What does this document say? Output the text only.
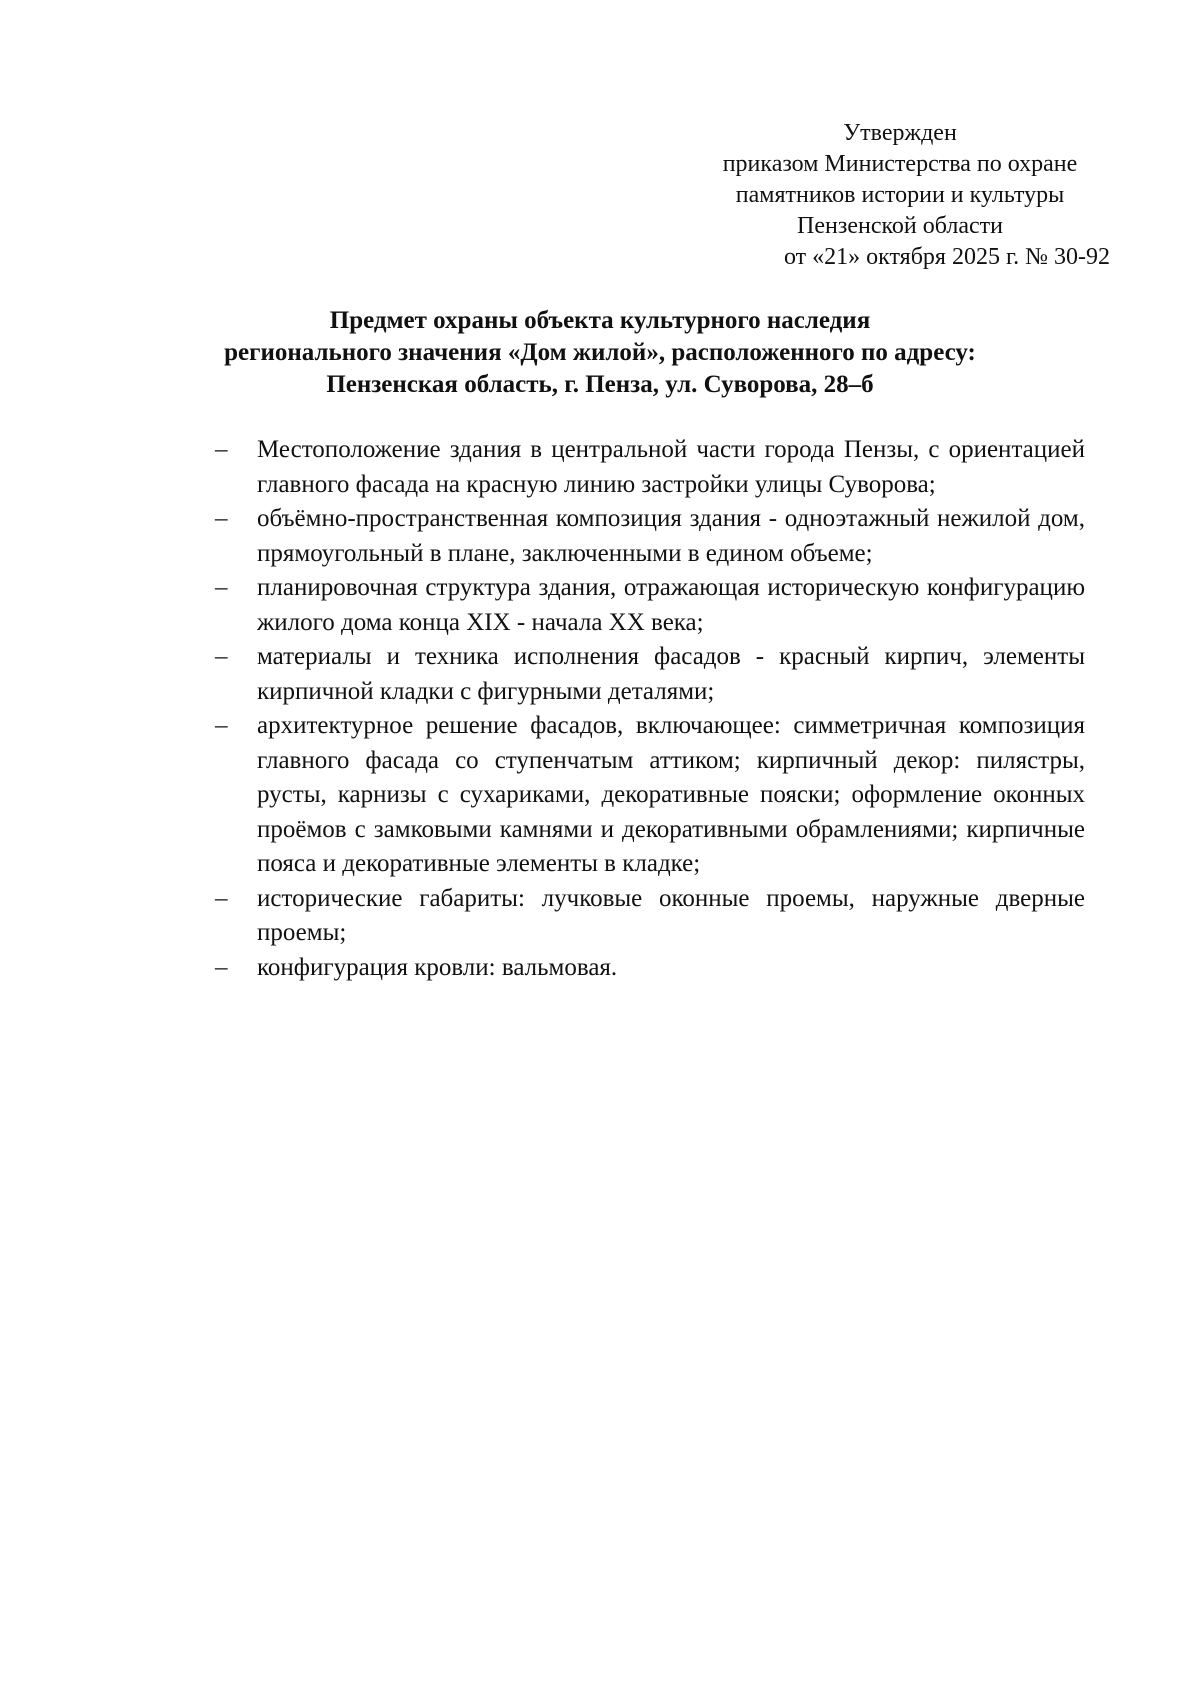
Утвержден
приказом Министерства по охране
памятников истории и культуры
Пензенской области
от «21» октября 2025 г. № 30-92
Предмет охраны объекта культурного наследия
регионального значения «Дом жилой», расположенного по адресу:
Пензенская область, г. Пенза, ул. Суворова, 28–б
–	Местоположение здания в центральной части города Пензы, с ориентацией главного фасада на красную линию застройки улицы Суворова;
–	объёмно-пространственная композиция здания - одноэтажный нежилой дом, прямоугольный в плане, заключенными в едином объеме;
–	планировочная структура здания, отражающая историческую конфигурацию жилого дома конца XIX - начала XX века;
–	материалы и техника исполнения фасадов - красный кирпич, элементы кирпичной кладки с фигурными деталями;
–	архитектурное решение фасадов, включающее: симметричная композиция главного фасада со ступенчатым аттиком; кирпичный декор: пилястры, русты, карнизы с сухариками, декоративные пояски; оформление оконных проёмов с замковыми камнями и декоративными обрамлениями; кирпичные пояса и декоративные элементы в кладке;
–	исторические габариты: лучковые оконные проемы, наружные дверные проемы;
–	конфигурация кровли: вальмовая.
